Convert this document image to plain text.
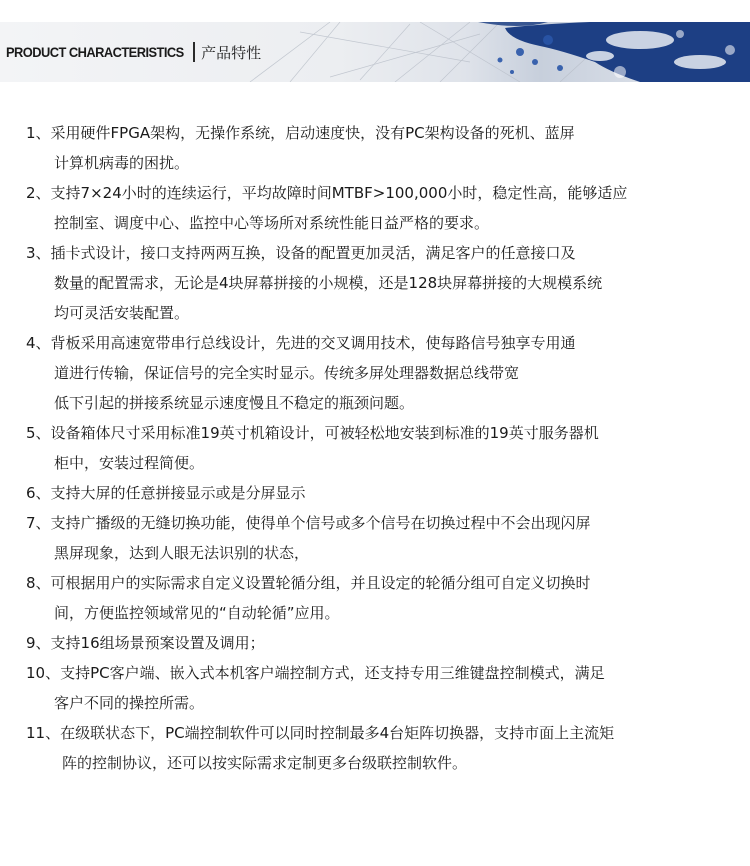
PRODUCT CHARACTERISTICS 产品特性
1、采用硬件FPGA架构，无操作系统，启动速度快，没有PC架构设备的死机、蓝屏
计算机病毒的困扰。
2、支持7×24小时的连续运行，平均故障时间MTBF>100,000小时，稳定性高，能够适应
控制室、调度中心、监控中心等场所对系统性能日益严格的要求。
3、插卡式设计，接口支持两两互换，设备的配置更加灵活，满足客户的任意接口及
数量的配置需求，无论是4块屏幕拼接的小规模，还是128块屏幕拼接的大规模系统
均可灵活安装配置。
4、背板采用高速宽带串行总线设计，先进的交叉调用技术，使每路信号独享专用通
道进行传输，保证信号的完全实时显示。传统多屏处理器数据总线带宽
低下引起的拼接系统显示速度慢且不稳定的瓶颈问题。
5、设备箱体尺寸采用标准19英寸机箱设计，可被轻松地安装到标准的19英寸服务器机
柜中，安装过程简便。
6、支持大屏的任意拼接显示或是分屏显示
7、支持广播级的无缝切换功能，使得单个信号或多个信号在切换过程中不会出现闪屏
黑屏现象，达到人眼无法识别的状态，
8、可根据用户的实际需求自定义设置轮循分组，并且设定的轮循分组可自定义切换时
间，方便监控领域常见的“自动轮循”应用。
9、支持16组场景预案设置及调用；
10、支持PC客户端、嵌入式本机客户端控制方式，还支持专用三维键盘控制模式，满足
客户不同的操控所需。
11、在级联状态下，PC端控制软件可以同时控制最多4台矩阵切换器，支持市面上主流矩
阵的控制协议，还可以按实际需求定制更多台级联控制软件。
